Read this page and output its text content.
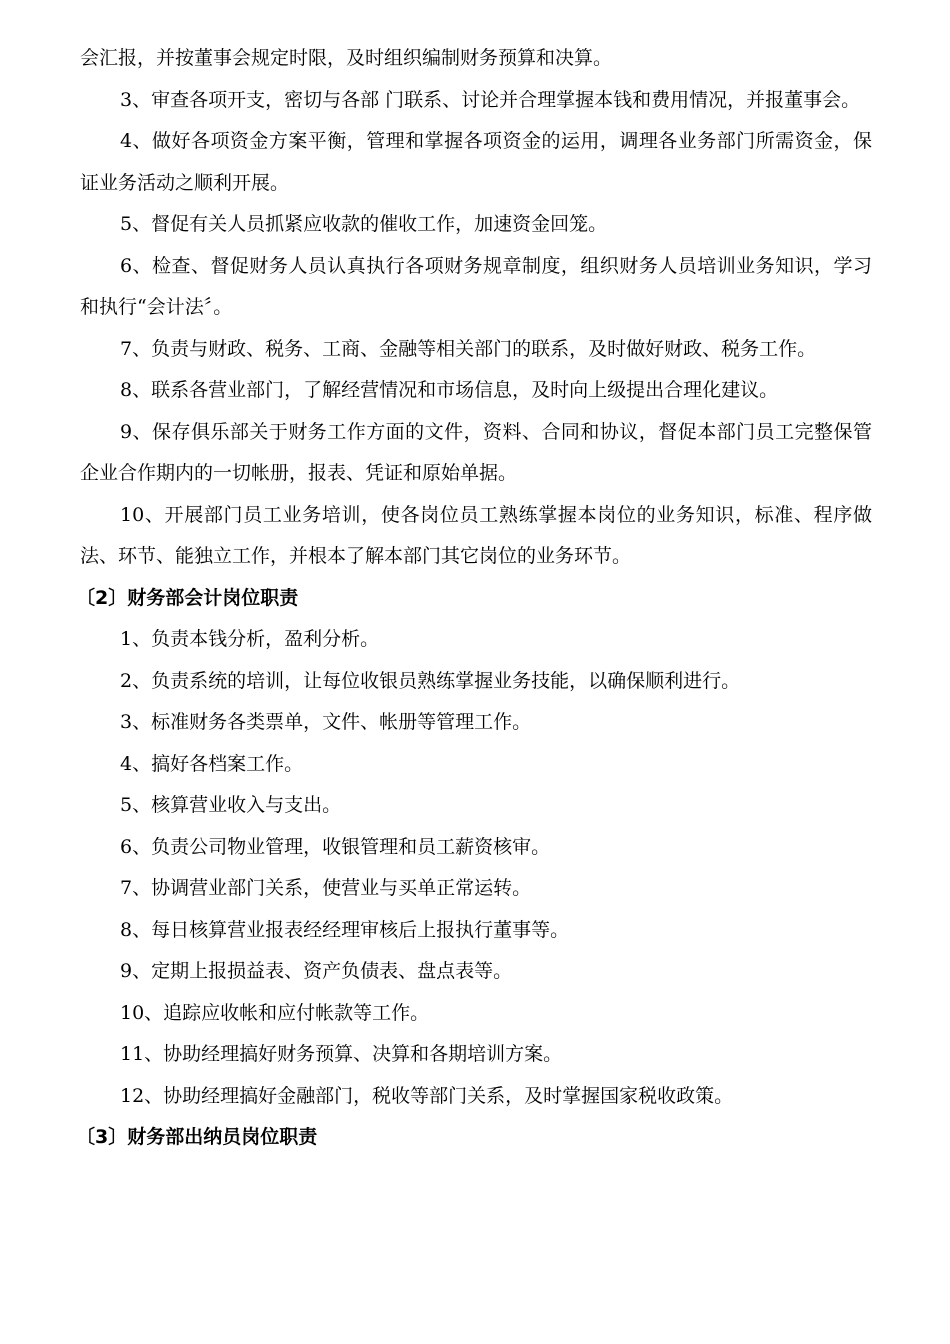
会汇报，并按董事会规定时限，及时组织编制财务预算和决算。

3、审查各项开支，密切与各部 门联系、讨论并合理掌握本钱和费用情况，并报董事会。

4、做好各项资金方案平衡，管理和掌握各项资金的运用，调理各业务部门所需资金，保证业务活动之顺利开展。

5、督促有关人员抓紧应收款的催收工作，加速资金回笼。

6、检查、督促财务人员认真执行各项财务规章制度，组织财务人员培训业务知识，学习和执行“会计法〞。

7、负责与财政、税务、工商、金融等相关部门的联系，及时做好财政、税务工作。

8、联系各营业部门，了解经营情况和市场信息，及时向上级提出合理化建议。

9、保存俱乐部关于财务工作方面的文件，资料、合同和协议，督促本部门员工完整保管企业合作期内的一切帐册，报表、凭证和原始单据。

10、开展部门员工业务培训，使各岗位员工熟练掌握本岗位的业务知识，标准、程序做法、环节、能独立工作，并根本了解本部门其它岗位的业务环节。

〔2〕财务部会计岗位职责

1、负责本钱分析，盈利分析。

2、负责系统的培训，让每位收银员熟练掌握业务技能，以确保顺利进行。

3、标准财务各类票单，文件、帐册等管理工作。

4、搞好各档案工作。

5、核算营业收入与支出。

6、负责公司物业管理，收银管理和员工薪资核审。

7、协调营业部门关系，使营业与买单正常运转。

8、每日核算营业报表经经理审核后上报执行董事等。

9、定期上报损益表、资产负债表、盘点表等。

10、追踪应收帐和应付帐款等工作。

11、协助经理搞好财务预算、决算和各期培训方案。

12、协助经理搞好金融部门，税收等部门关系，及时掌握国家税收政策。

〔3〕财务部出纳员岗位职责
